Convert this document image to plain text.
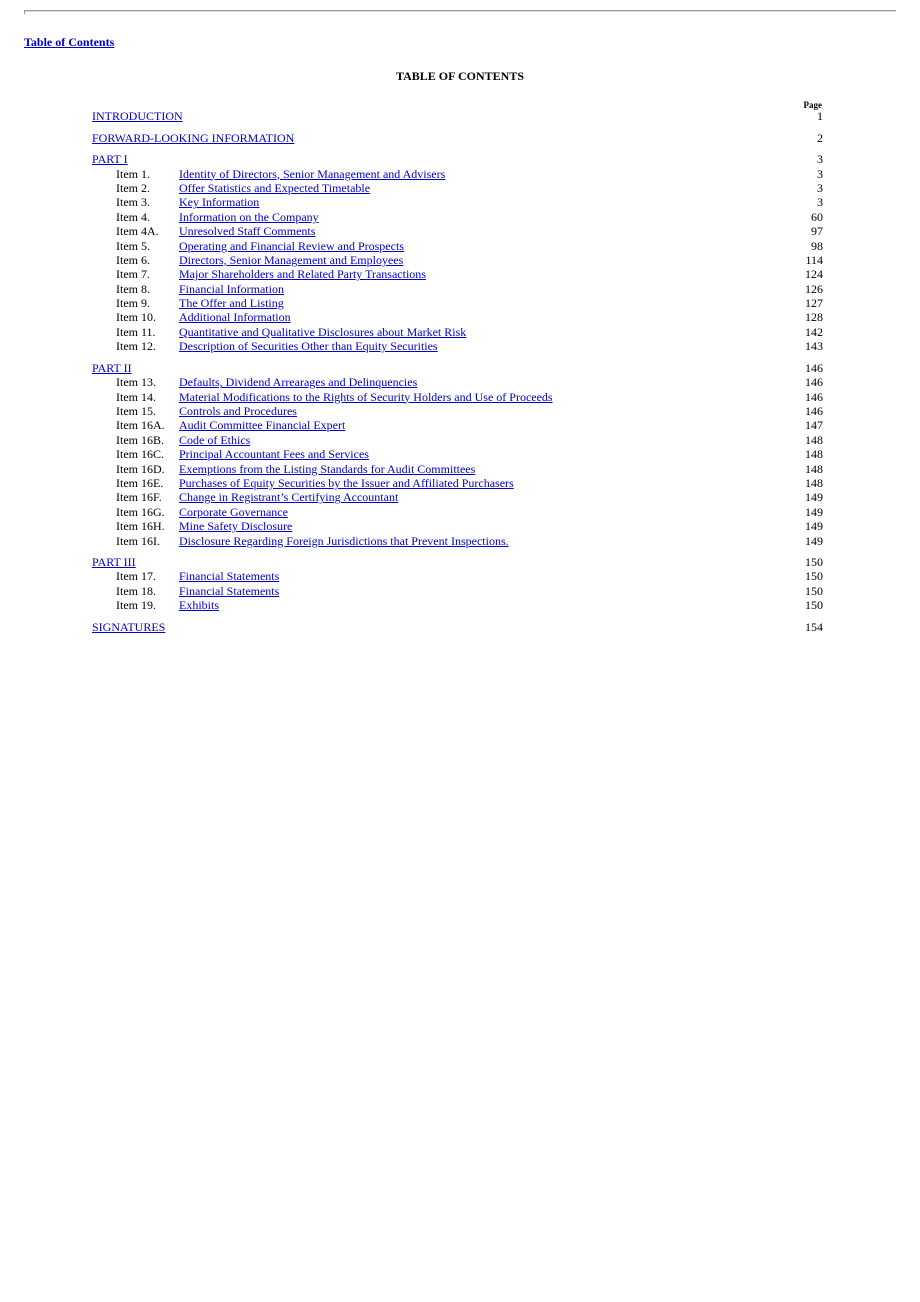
Table of Contents
TABLE OF CONTENTS
Page
INTRODUCTION	1
FORWARD-LOOKING INFORMATION	2
PART I	3
Item 1. Identity of Directors, Senior Management and Advisers	3
Item 2. Offer Statistics and Expected Timetable	3
Item 3. Key Information	3
Item 4. Information on the Company	60
Item 4A. Unresolved Staff Comments	97
Item 5. Operating and Financial Review and Prospects	98
Item 6. Directors, Senior Management and Employees	114
Item 7. Major Shareholders and Related Party Transactions	124
Item 8. Financial Information	126
Item 9. The Offer and Listing	127
Item 10. Additional Information	128
Item 11. Quantitative and Qualitative Disclosures about Market Risk	142
Item 12. Description of Securities Other than Equity Securities	143
PART II	146
Item 13. Defaults, Dividend Arrearages and Delinquencies	146
Item 14. Material Modifications to the Rights of Security Holders and Use of Proceeds	146
Item 15. Controls and Procedures	146
Item 16A. Audit Committee Financial Expert	147
Item 16B. Code of Ethics	148
Item 16C. Principal Accountant Fees and Services	148
Item 16D. Exemptions from the Listing Standards for Audit Committees	148
Item 16E. Purchases of Equity Securities by the Issuer and Affiliated Purchasers	148
Item 16F. Change in Registrant’s Certifying Accountant	149
Item 16G. Corporate Governance	149
Item 16H. Mine Safety Disclosure	149
Item 16I. Disclosure Regarding Foreign Jurisdictions that Prevent Inspections.	149
PART III	150
Item 17. Financial Statements	150
Item 18. Financial Statements	150
Item 19. Exhibits	150
SIGNATURES	154
